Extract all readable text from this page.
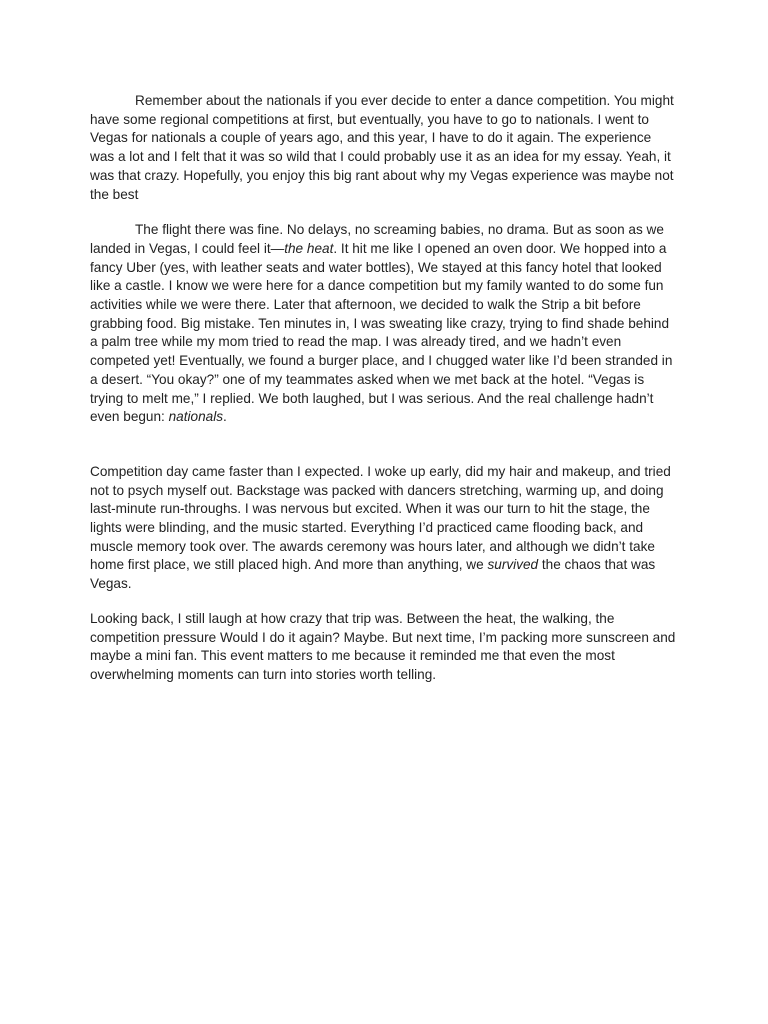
Remember about the nationals if you ever decide to enter a dance competition. You might have some regional competitions at first, but eventually, you have to go to nationals. I went to Vegas for nationals a couple of years ago, and this year, I have to do it again. The experience was a lot and I felt that it was so wild that I could probably use it as an idea for my essay. Yeah, it was that crazy. Hopefully, you enjoy this big rant about why my Vegas experience was maybe not the best

The flight there was fine. No delays, no screaming babies, no drama. But as soon as we landed in Vegas, I could feel it—the heat. It hit me like I opened an oven door. We hopped into a fancy Uber (yes, with leather seats and water bottles), We stayed at this fancy hotel that looked like a castle. I know we were here for a dance competition but my family wanted to do some fun activities while we were there. Later that afternoon, we decided to walk the Strip a bit before grabbing food. Big mistake. Ten minutes in, I was sweating like crazy, trying to find shade behind a palm tree while my mom tried to read the map. I was already tired, and we hadn’t even competed yet! Eventually, we found a burger place, and I chugged water like I’d been stranded in a desert. “You okay?” one of my teammates asked when we met back at the hotel. “Vegas is trying to melt me,” I replied. We both laughed, but I was serious. And the real challenge hadn’t even begun: nationals.

Competition day came faster than I expected. I woke up early, did my hair and makeup, and tried not to psych myself out. Backstage was packed with dancers stretching, warming up, and doing last-minute run-throughs. I was nervous but excited. When it was our turn to hit the stage, the lights were blinding, and the music started. Everything I’d practiced came flooding back, and muscle memory took over. The awards ceremony was hours later, and although we didn’t take home first place, we still placed high. And more than anything, we survived the chaos that was Vegas.

Looking back, I still laugh at how crazy that trip was. Between the heat, the walking, the competition pressure Would I do it again? Maybe. But next time, I’m packing more sunscreen and maybe a mini fan. This event matters to me because it reminded me that even the most overwhelming moments can turn into stories worth telling.
